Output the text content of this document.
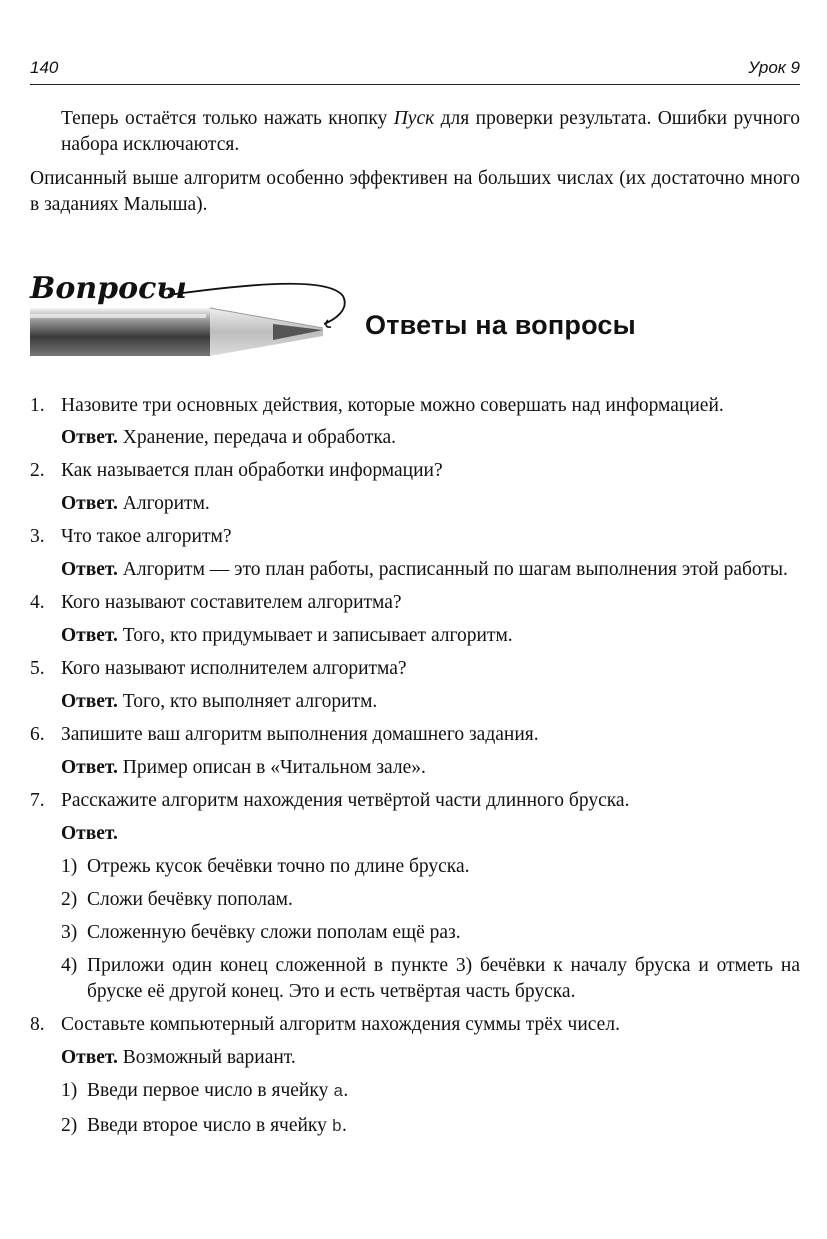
140	Урок 9
Теперь остаётся только нажать кнопку Пуск для проверки результата. Ошибки ручного набора исключаются.
Описанный выше алгоритм особенно эффективен на больших числах (их достаточно много в заданиях Малыша).
Вопросы
Ответы на вопросы

1. Назовите три основных действия, которые можно совершать над информацией.

Ответ. Хранение, передача и обработка.

2. Как называется план обработки информации?

Ответ. Алгоритм.

3. Что такое алгоритм?

Ответ. Алгоритм — это план работы, расписанный по шагам выполнения этой работы.

4. Кого называют составителем алгоритма?

Ответ. Того, кто придумывает и записывает алгоритм.

5. Кого называют исполнителем алгоритма?

Ответ. Того, кто выполняет алгоритм.

6. Запишите ваш алгоритм выполнения домашнего задания.

Ответ. Пример описан в «Читальном зале».

7. Расскажите алгоритм нахождения четвёртой части длинного бруска.

Ответ.

1) Отрежь кусок бечёвки точно по длине бруска.

2) Сложи бечёвку пополам.

3) Сложенную бечёвку сложи пополам ещё раз.

4) Приложи один конец сложенной в пункте 3) бечёвки к началу бруска и отметь на бруске её другой конец. Это и есть четвёртая часть бруска.

8. Составьте компьютерный алгоритм нахождения суммы трёх чисел.

Ответ. Возможный вариант.

1) Введи первое число в ячейку a.

2) Введи второе число в ячейку b.
